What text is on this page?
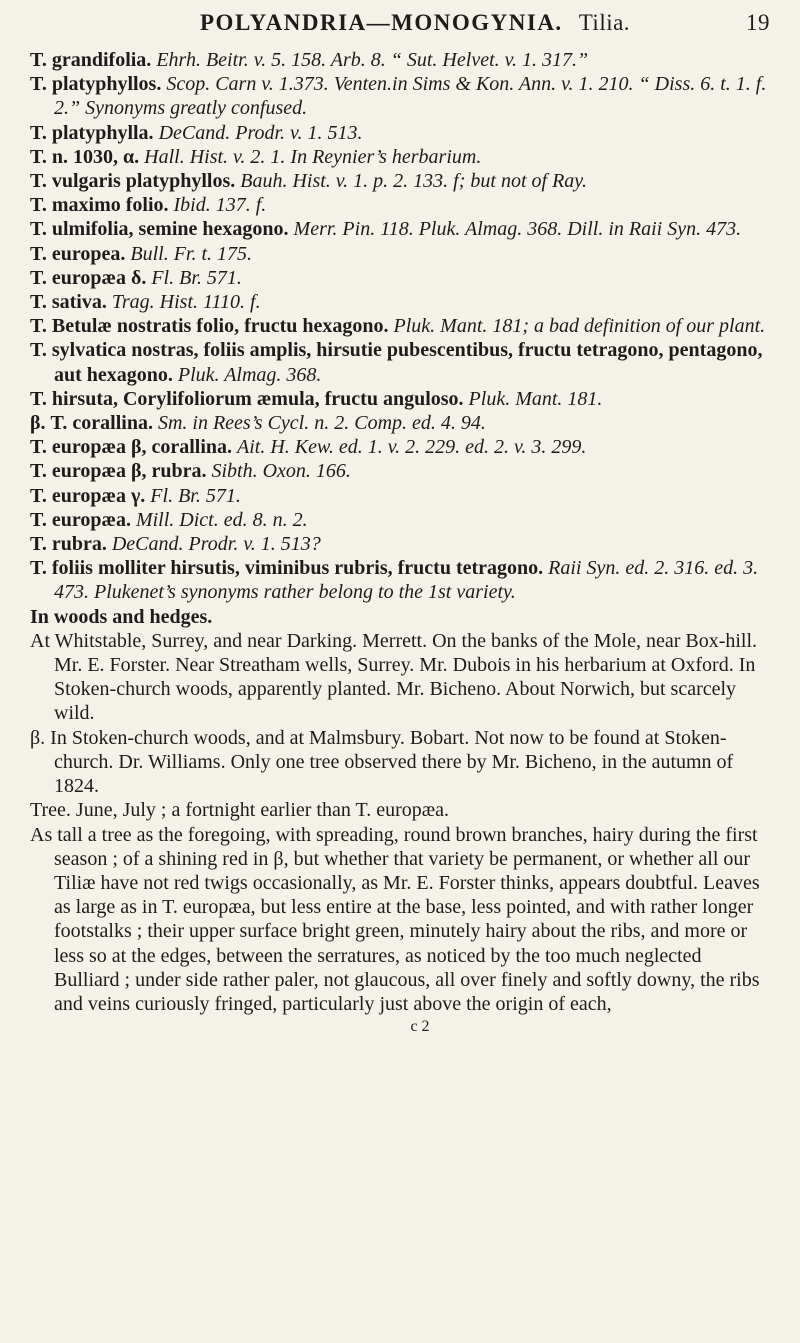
POLYANDRIA—MONOGYNIA. Tilia.	19

T. grandifolia. Ehrh. Beitr. v. 5. 158. Arb. 8. “ Sut. Helvet. v. 1. 317.”

T. platyphyllos. Scop. Carn v. 1.373. Venten.in Sims & Kon. Ann. v. 1. 210. “ Diss. 6. t. 1. f. 2.” Synonyms greatly confused.

T. platyphylla. DeCand. Prodr. v. 1. 513.

T. n. 1030, α. Hall. Hist. v. 2. 1. In Reynier’s herbarium.

T. vulgaris platyphyllos. Bauh. Hist. v. 1. p. 2. 133. f; but not of Ray.

T. maximo folio. Ibid. 137. f.

T. ulmifolia, semine hexagono. Merr. Pin. 118. Pluk. Almag. 368. Dill. in Raii Syn. 473.

T. europea. Bull. Fr. t. 175.

T. europæa δ. Fl. Br. 571.

T. sativa. Trag. Hist. 1110. f.

T. Betulæ nostratis folio, fructu hexagono. Pluk. Mant. 181; a bad definition of our plant.

T. sylvatica nostras, foliis amplis, hirsutie pubescentibus, fructu tetragono, pentagono, aut hexagono. Pluk. Almag. 368.

T. hirsuta, Corylifoliorum æmula, fructu anguloso. Pluk. Mant. 181.

β. T. corallina. Sm. in Rees’s Cycl. n. 2. Comp. ed. 4. 94.

T. europæa β, corallina. Ait. H. Kew. ed. 1. v. 2. 229. ed. 2. v. 3. 299.

T. europæa β, rubra. Sibth. Oxon. 166.

T. europæa γ. Fl. Br. 571.

T. europæa. Mill. Dict. ed. 8. n. 2.

T. rubra. DeCand. Prodr. v. 1. 513?

T. foliis molliter hirsutis, viminibus rubris, fructu tetragono. Raii Syn. ed. 2. 316. ed. 3. 473. Plukenet’s synonyms rather belong to the 1st variety.

In woods and hedges.

At Whitstable, Surrey, and near Darking. Merrett. On the banks of the Mole, near Box-hill. Mr. E. Forster. Near Streatham wells, Surrey. Mr. Dubois in his herbarium at Oxford. In Stoken-church woods, apparently planted. Mr. Bicheno. About Norwich, but scarcely wild.

β. In Stoken-church woods, and at Malmsbury. Bobart. Not now to be found at Stoken-church. Dr. Williams. Only one tree observed there by Mr. Bicheno, in the autumn of 1824.

Tree. June, July ; a fortnight earlier than T. europæa.

As tall a tree as the foregoing, with spreading, round brown branches, hairy during the first season ; of a shining red in β, but whether that variety be permanent, or whether all our Tiliæ have not red twigs occasionally, as Mr. E. Forster thinks, appears doubtful. Leaves as large as in T. europæa, but less entire at the base, less pointed, and with rather longer footstalks ; their upper surface bright green, minutely hairy about the ribs, and more or less so at the edges, between the serratures, as noticed by the too much neglected Bulliard ; under side rather paler, not glaucous, all over finely and softly downy, the ribs and veins curiously fringed, particularly just above the origin of each,

c 2
